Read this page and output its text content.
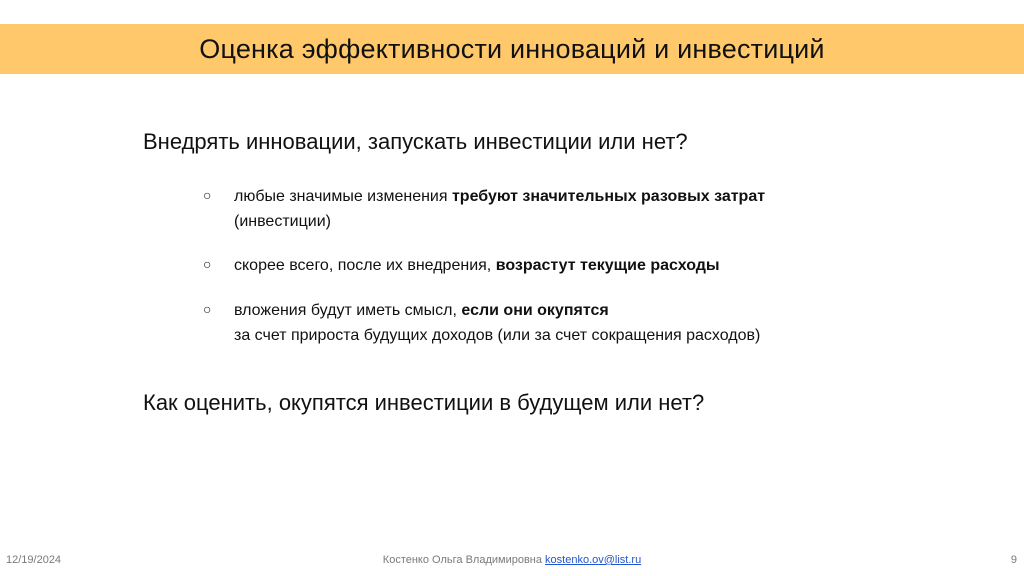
Оценка эффективности инноваций и инвестиций
Внедрять инновации, запускать инвестиции или нет?
○ любые значимые изменения требуют значительных разовых затрат
(инвестиции)
○ скорее всего, после их внедрения, возрастут текущие расходы
○ вложения будут иметь смысл, если они окупятся
за счет прироста будущих доходов (или за счет сокращения расходов)
Как оценить, окупятся инвестиции в будущем или нет?
12/19/2024	Костенко Ольга Владимировна kostenko.ov@list.ru	9
